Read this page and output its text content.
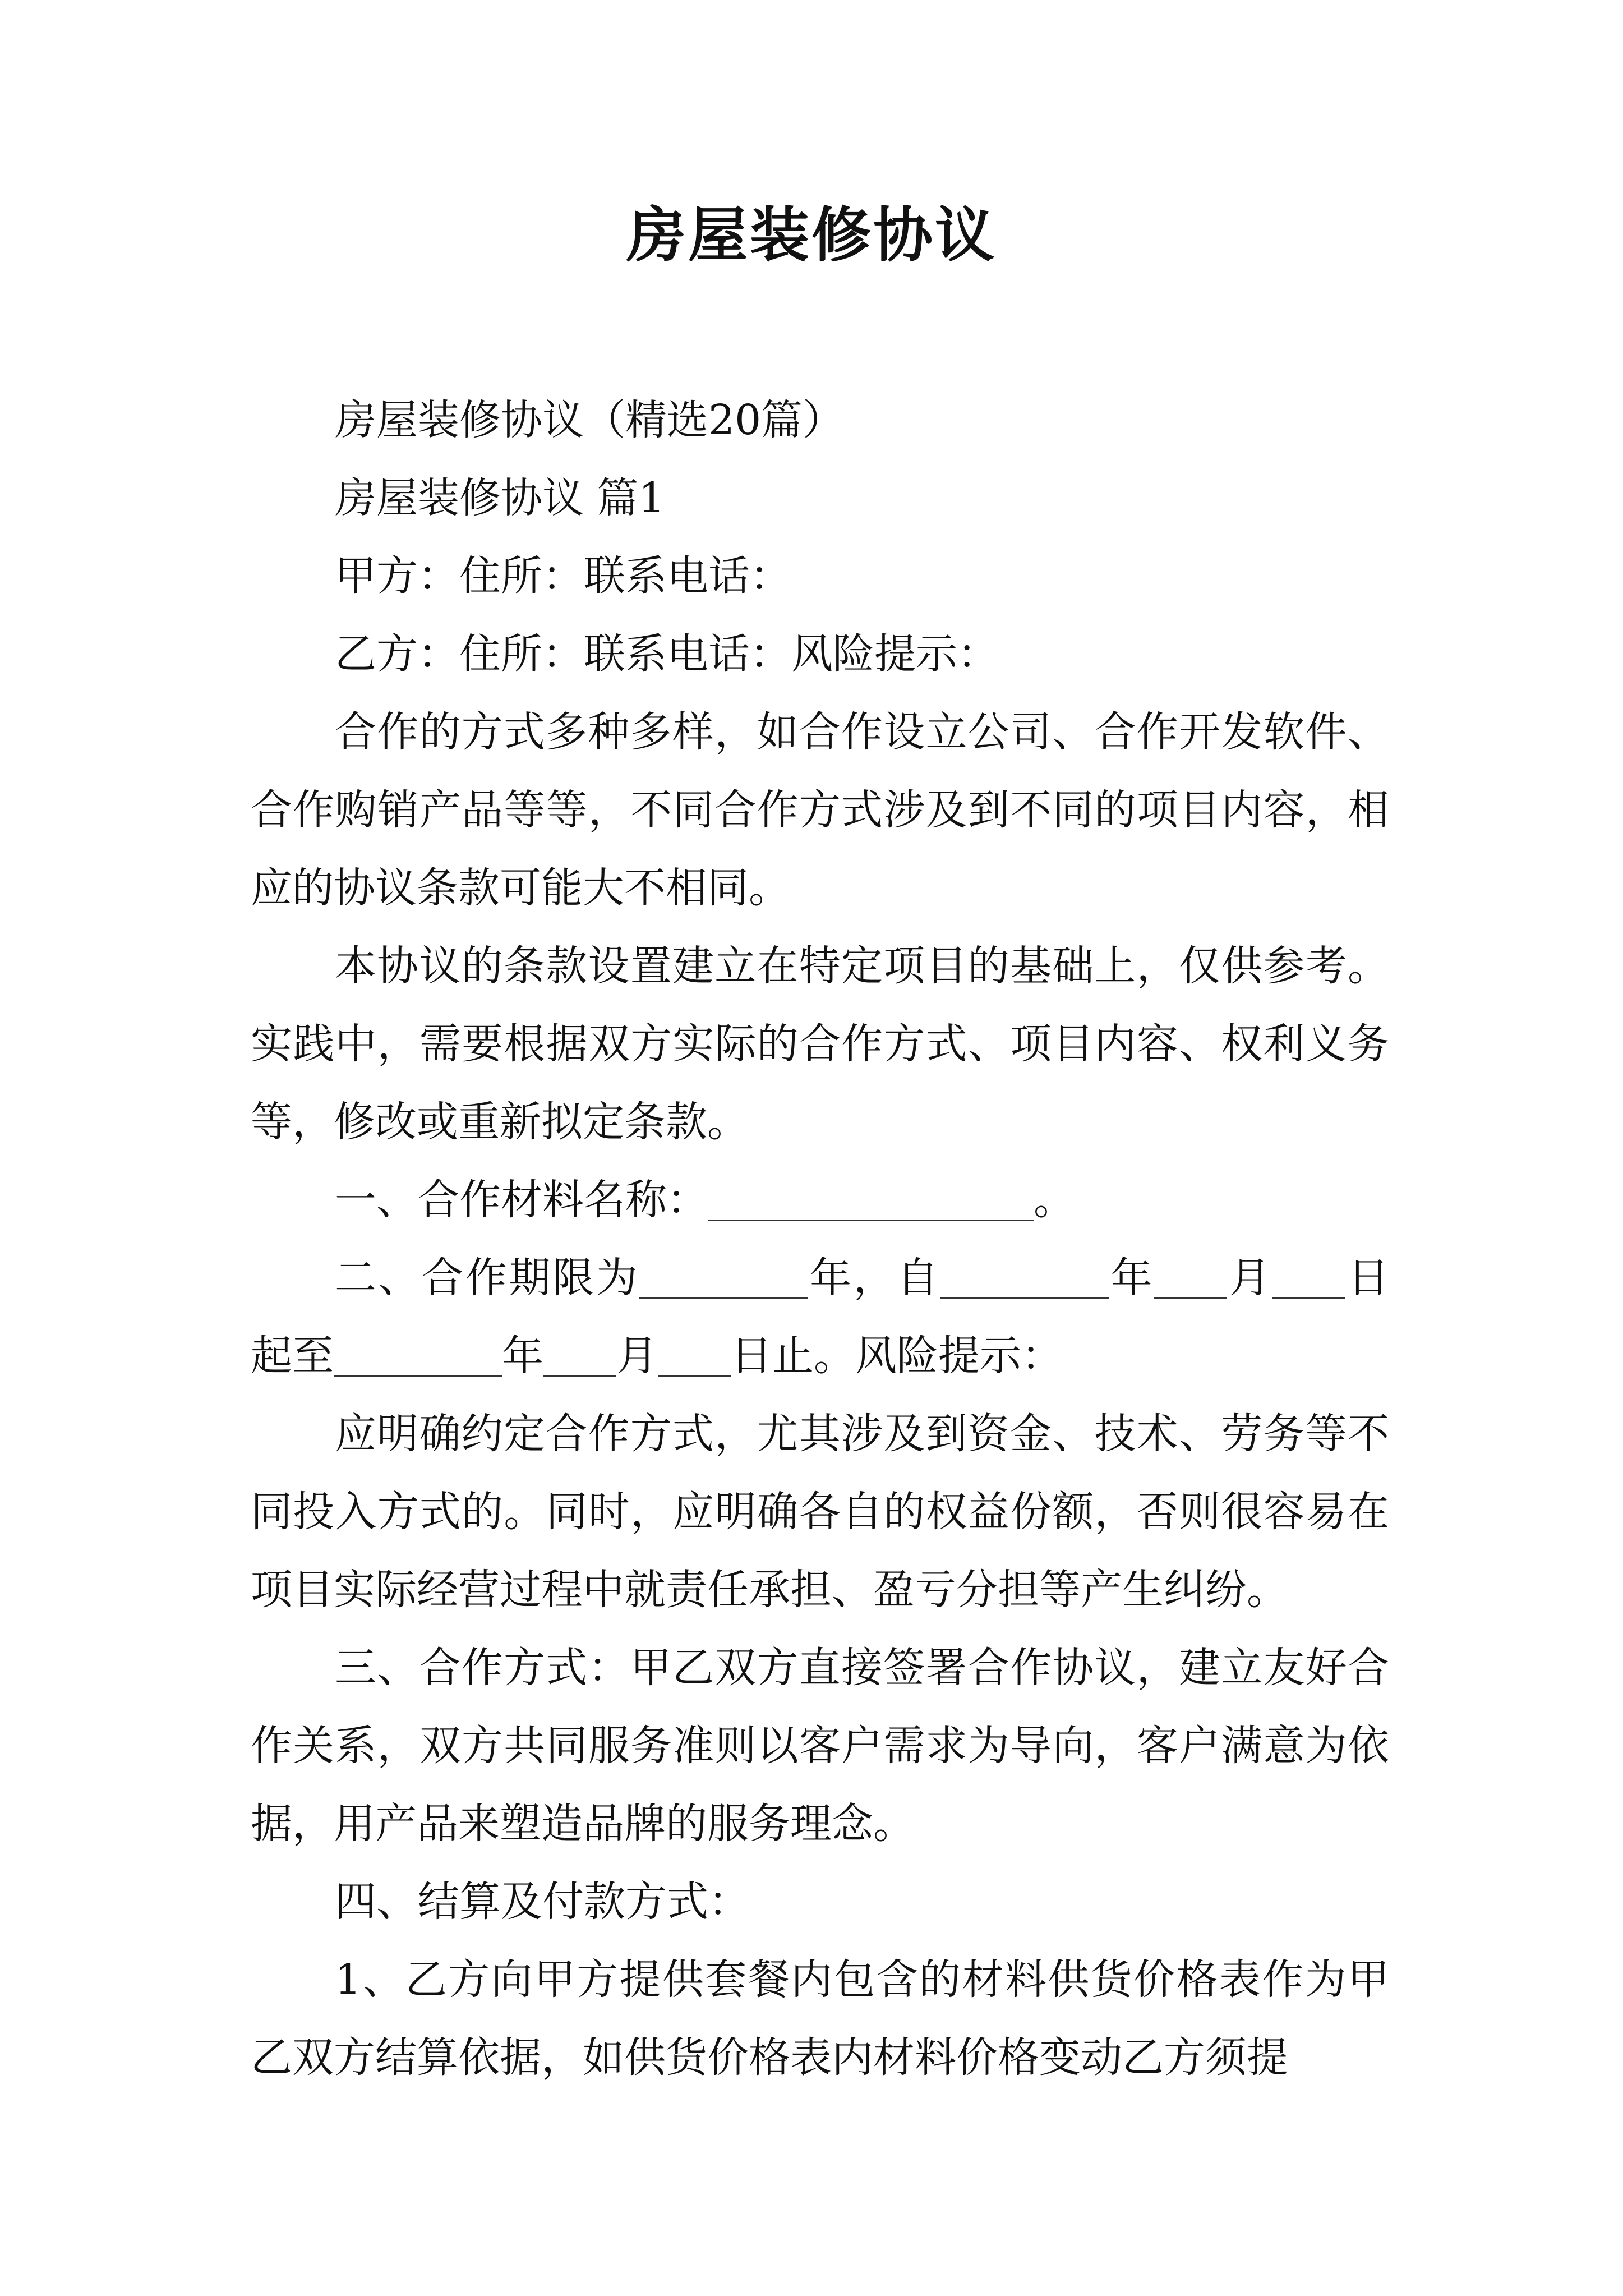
房屋装修协议

房屋装修协议（精选20篇）

房屋装修协议 篇1

甲方：住所：联系电话：

乙方：住所：联系电话：风险提示：

合作的方式多种多样，如合作设立公司、合作开发软件、合作购销产品等等，不同合作方式涉及到不同的项目内容，相应的协议条款可能大不相同。

本协议的条款设置建立在特定项目的基础上，仅供参考。实践中，需要根据双方实际的合作方式、项目内容、权利义务等，修改或重新拟定条款。

一、合作材料名称：	。

二、合作期限为	年，自	年 月 日起至	年 月 日止。风险提示：

应明确约定合作方式，尤其涉及到资金、技术、劳务等不同投入方式的。同时，应明确各自的权益份额，否则很容易在项目实际经营过程中就责任承担、盈亏分担等产生纠纷。

三、合作方式：甲乙双方直接签署合作协议，建立友好合作关系，双方共同服务准则以客户需求为导向，客户满意为依据，用产品来塑造品牌的服务理念。

四、结算及付款方式：

1、乙方向甲方提供套餐内包含的材料供货价格表作为甲乙双方结算依据，如供货价格表内材料价格变动乙方须提
